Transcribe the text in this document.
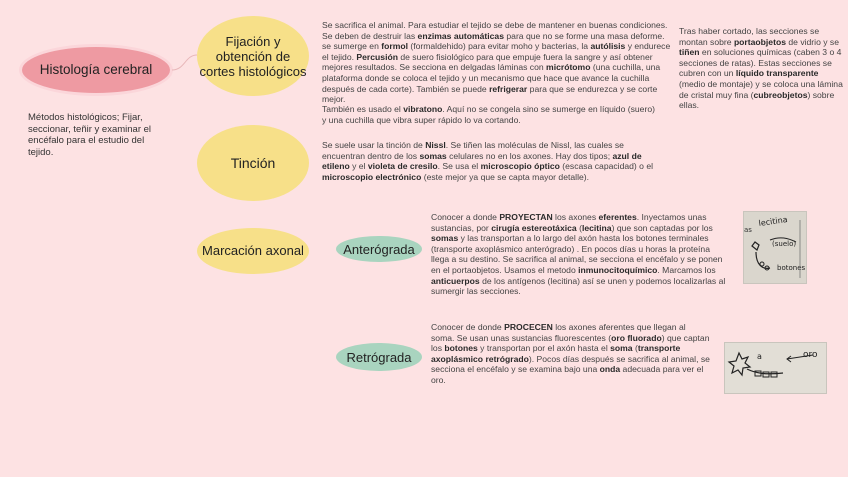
Histología cerebral
Métodos histológicos; Fijar, seccionar, teñir y examinar el encéfalo para el estudio del tejido.
Fijación y obtención de cortes histológicos

Se sacrifica el animal. Para estudiar el tejido se debe de mantener en buenas condiciones. Se deben de destruir las enzimas automáticas para que no se forme una masa deforme. se sumerge en formol (formaldehido) para evitar moho y bacterias, la autólisis y endurece el tejido. Percusión de suero fisiológico para que empuje fuera la sangre y así obtener mejores resultados. Se secciona en delgadas láminas con micrótomo (una cuchilla, una plataforma donde se coloca el tejido y un mecanismo que hace que avance la cuchilla después de cada corte). También se puede refrigerar para que se endurezca y se corte mejor.

También es usado el vibratono. Aquí no se congela sino se sumerge en líquido (suero) y una cuchilla que vibra super rápido lo va cortando.

Tras haber cortado, las secciones se montan sobre portaobjetos de vidrio y se tiñen en soluciones químicas (caben 3 o 4 secciones de ratas). Estas secciones se cubren con un líquido transparente (medio de montaje) y se coloca una lámina de cristal muy fina (cubreobjetos) sobre ellas.

Tinción

Se suele usar la tinción de Nissl. Se tiñen las moléculas de Nissl, las cuales se encuentran dentro de los somas celulares no en los axones. Hay dos tipos; azul de etileno y el violeta de cresilo. Se usa el microscopio óptico (escasa capacidad) o el microscopio electrónico (este mejor ya que se capta mayor detalle).

Marcación axonal	Anterógrada

Conocer a donde PROYECTAN los axones eferentes. Inyectamos unas sustancias, por cirugía estereotáxica (lecitina) que son captadas por los somas y las transportan a lo largo del axón hasta los botones terminales (transporte axoplásmico anterógrado) . En pocos días u horas la proteína llega a su destino. Se sacrifica al animal, se secciona el encéfalo y se ponen en el portaobjetos. Usamos el metodo inmunocitoquímico. Marcamos los anticuerpos de los antígenos (lecitina) así se unen y podemos localizarlas al sumergir las secciones.

as
lecitina
(suelo)
botones
Retrógrada

Conocer de donde PROCECEN los axones aferentes que llegan al soma. Se usan unas sustancias fluorescentes (oro fluorado) que captan los botones y transportan por el axón hasta el soma (transporte axoplásmico retrógrado). Pocos días después se sacrifica al animal, se secciona el encéfalo y se examina bajo una onda adecuada para ver el oro.

a	oro
